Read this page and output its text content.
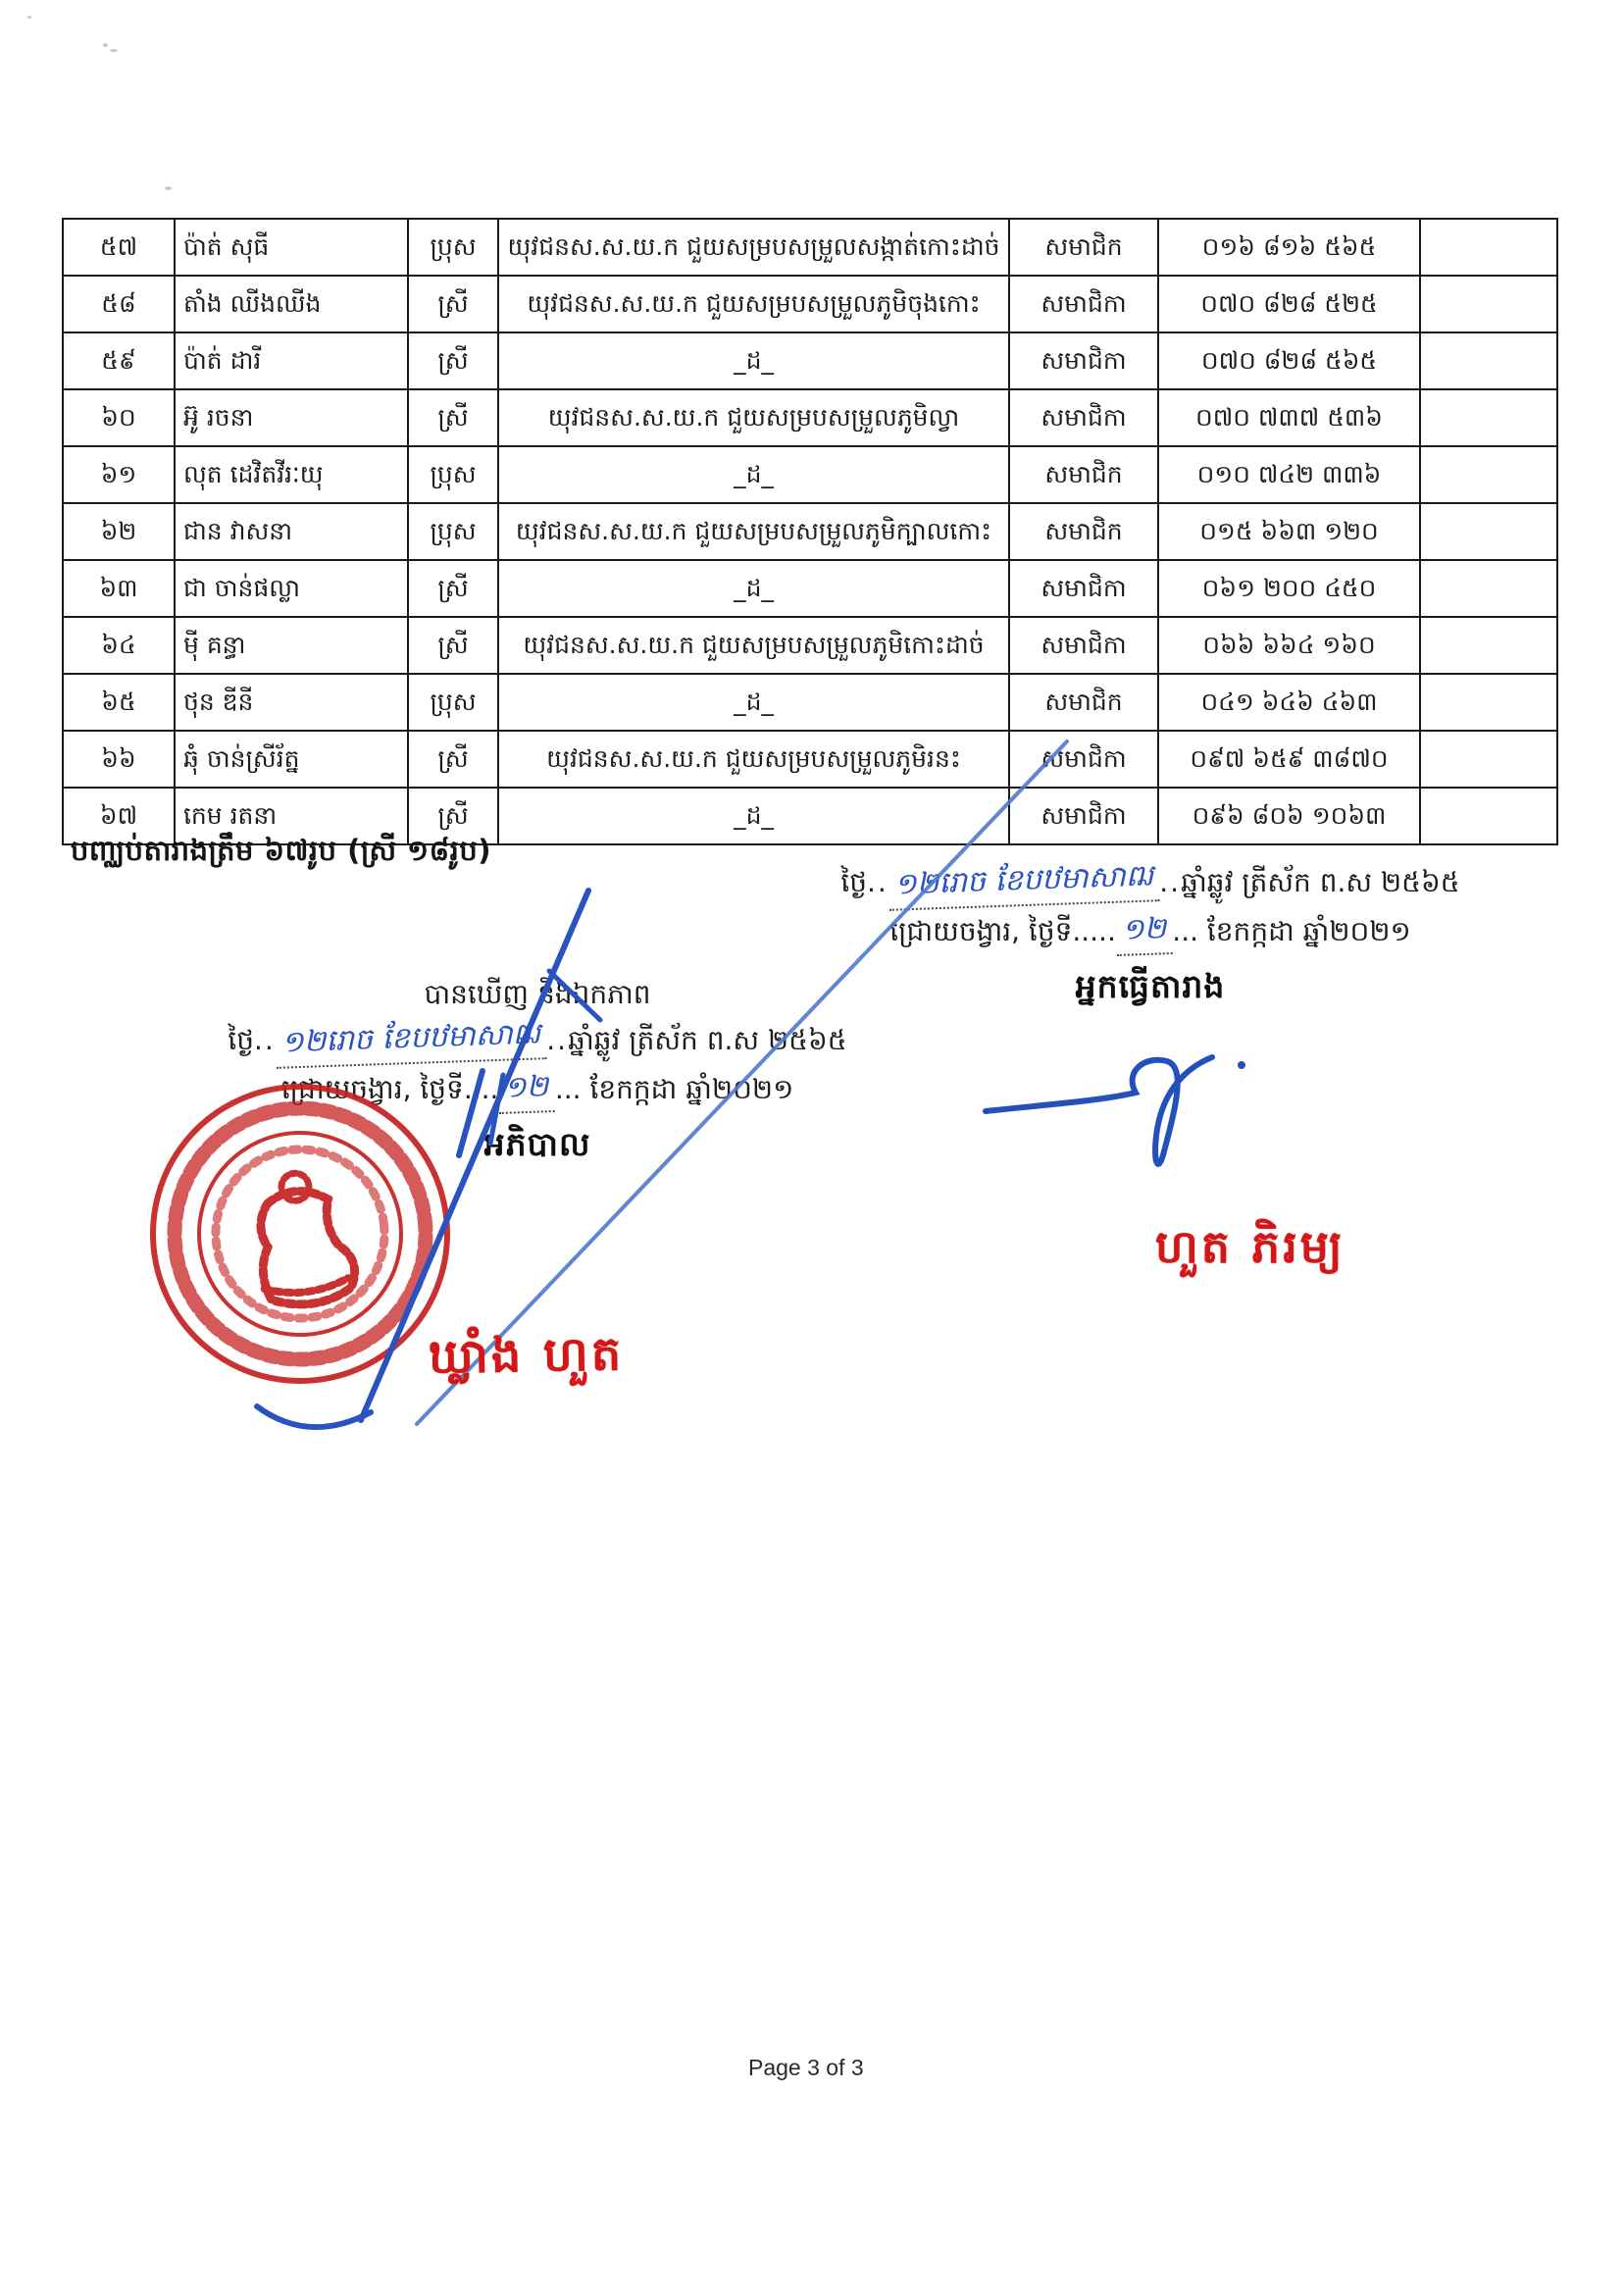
៥៧	ប៉ាត់ សុធី	ប្រុស	យុវជនស.ស.យ.ក ជួយសម្របសម្រួលសង្កាត់កោះដាច់	សមាជិក	០១៦ ៨១៦ ៥៦៥	
៥៨	តាំង ឈីងឈីង	ស្រី	យុវជនស.ស.យ.ក ជួយសម្របសម្រួលភូមិចុងកោះ	សមាជិកា	០៧០ ៨២៨ ៥២៥	
៥៩	ប៉ាត់ ដារី	ស្រី	_ដ_	សមាជិកា	០៧០ ៨២៨ ៥៦៥	
៦០	អ៊ូ រចនា	ស្រី	យុវជនស.ស.យ.ក ជួយសម្របសម្រួលភូមិល្វា	សមាជិកា	០៧០ ៧៣៧ ៥៣៦	
៦១	លុត ដេវិតវីរៈយុ	ប្រុស	_ដ_	សមាជិក	០១០ ៧៤២ ៣៣៦	
៦២	ជាន វាសនា	ប្រុស	យុវជនស.ស.យ.ក ជួយសម្របសម្រួលភូមិក្បាលកោះ	សមាជិក	០១៥ ៦៦៣ ១២០	
៦៣	ជា ចាន់ផល្លា	ស្រី	_ដ_	សមាជិកា	០៦១ ២០០ ៤៥០	
៦៤	មុី គន្ធា	ស្រី	យុវជនស.ស.យ.ក ជួយសម្របសម្រួលភូមិកោះដាច់	សមាជិកា	០៦៦ ៦៦៤ ១៦០	
៦៥	ថុន ឌីនី	ប្រុស	_ដ_	សមាជិក	០៤១ ៦៤៦ ៤៦៣	
៦៦	ឆុំ ចាន់ស្រីរ័ត្ន	ស្រី	យុវជនស.ស.យ.ក ជួយសម្របសម្រួលភូមិរនះ	សមាជិកា	០៩៧ ៦៥៩ ៣៨៧០	
៦៧	កេម រតនា	ស្រី	_ដ_	សមាជិកា	០៩៦ ៨០៦ ១០៦៣	
បញ្ឈប់តារាងត្រឹម ៦៧រូប (ស្រី ១៨រូប)
ថ្ងៃ.. ១២រោច ខែបឋមាសាឍ ..ឆ្នាំឆ្លូវ ត្រីស័ក ព.ស ២៥៦៥
ជ្រោយចង្វារ, ថ្ងៃទី..... ១២ ... ខែកក្កដា ឆ្នាំ២០២១
អ្នកធ្វើតារាង
បានឃើញ និងឯកភាព
ថ្ងៃ.. ១២រោច ខែបឋមាសាឍ ..ឆ្នាំឆ្លូវ ត្រីស័ក ព.ស ២៥៦៥
ជ្រោយចង្វារ, ថ្ងៃទី.... ១២ ... ខែកក្កដា ឆ្នាំ២០២១
អភិបាល
ឃ្លាំង ហួត
ហួត ភិរម្យ
Page 3 of 3
